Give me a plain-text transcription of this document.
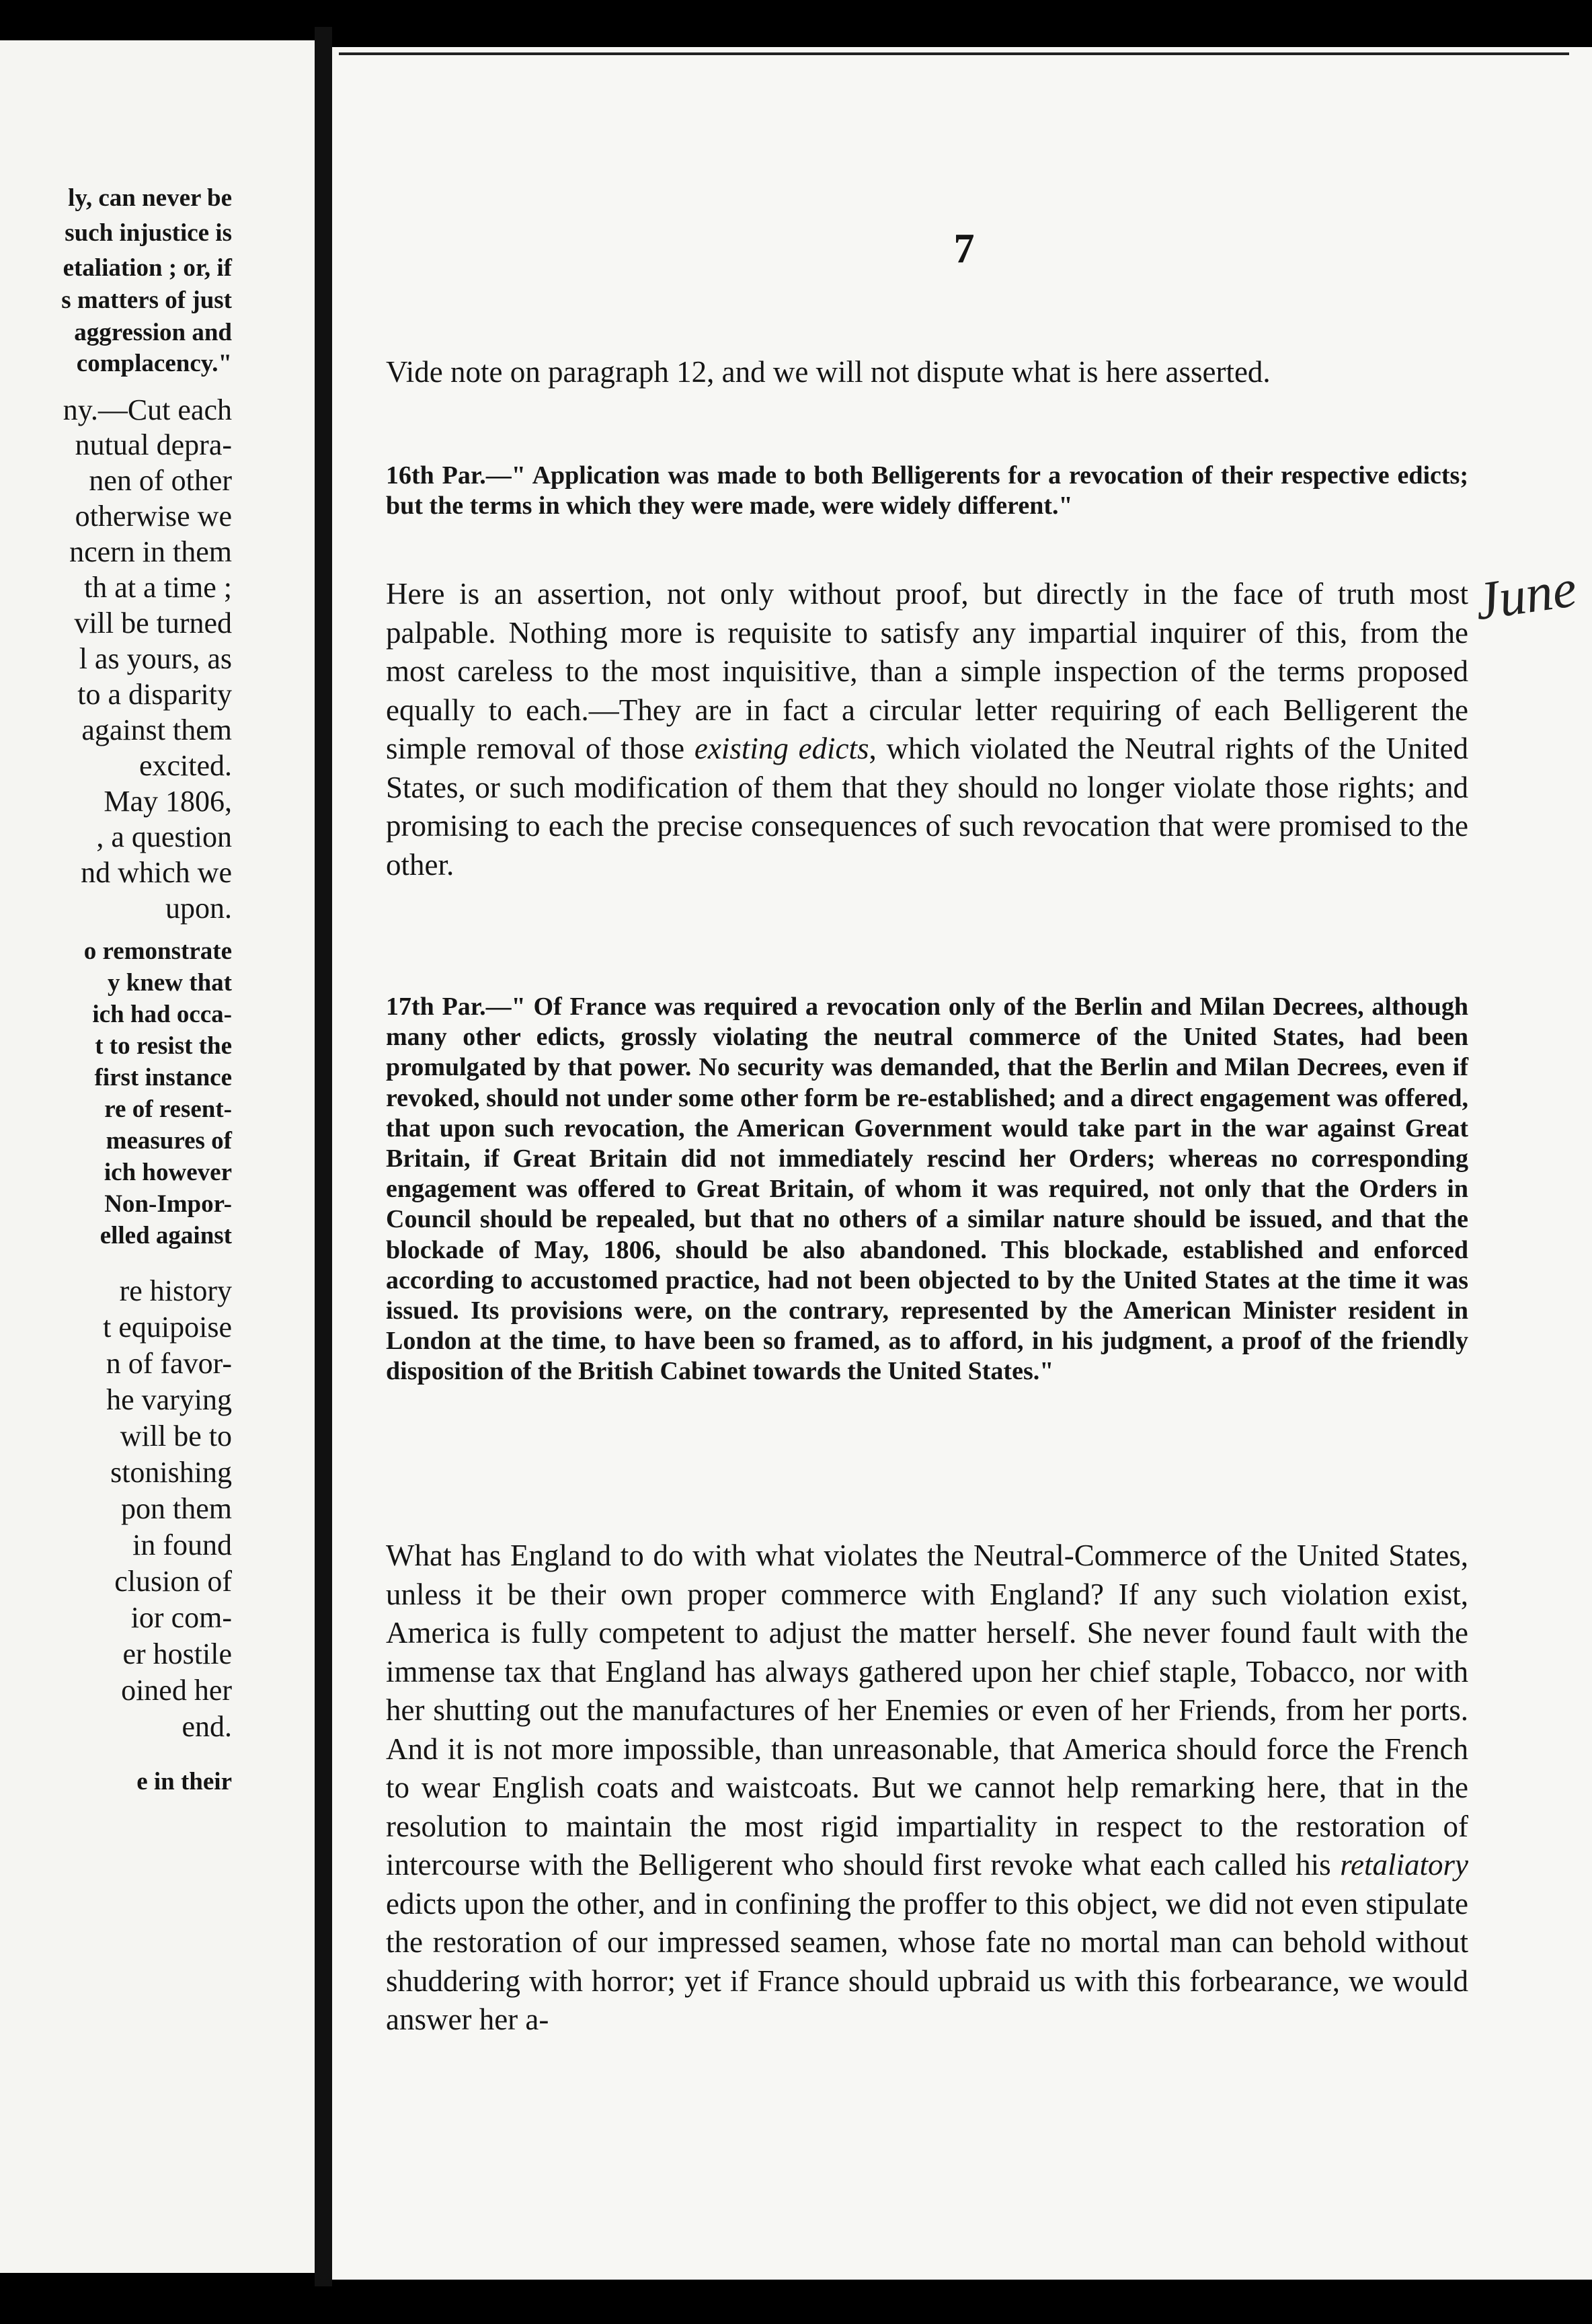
ly, can never be
such injustice is
etaliation ; or, if
s matters of just
aggression and
complacency."
ny.—Cut each
nutual depra-
nen of other
otherwise we
ncern in them
th at a time ;
vill be turned
l as yours, as
to a disparity
against them
excited.
May 1806,
, a question
nd which we
upon.
o remonstrate
y knew that
ich had occa-
t to resist the
first instance
re of resent-
measures of
ich however
Non-Impor-
elled against
re history
t equipoise
n of favor-
he varying
will be to
stonishing
pon them
in found
clusion of
ior com-
er hostile
oined her
end.
e in their
7
Vide note on paragraph 12, and we will not dispute what is here asserted.
16th Par.—" Application was made to both Belligerents for a revocation of their respective edicts; but the terms in which they were made, were widely different."
Here is an assertion, not only without proof, but directly in the face of truth most palpable. Nothing more is requisite to satisfy any impartial inquirer of this, from the most careless to the most inquisitive, than a simple inspection of the terms proposed equally to each.—They are in fact a circular letter requiring of each Belligerent the simple removal of those existing edicts, which violated the Neutral rights of the United States, or such modification of them that they should no longer violate those rights; and promising to each the precise consequences of such revocation that were promised to the other.
17th Par.—" Of France was required a revocation only of the Berlin and Milan Decrees, although many other edicts, grossly violating the neutral commerce of the United States, had been promulgated by that power. No security was demanded, that the Berlin and Milan Decrees, even if revoked, should not under some other form be re-established; and a direct engagement was offered, that upon such revocation, the American Government would take part in the war against Great Britain, if Great Britain did not immediately rescind her Orders; whereas no corresponding engagement was offered to Great Britain, of whom it was required, not only that the Orders in Council should be repealed, but that no others of a similar nature should be issued, and that the blockade of May, 1806, should be also abandoned. This blockade, established and enforced according to accustomed practice, had not been objected to by the United States at the time it was issued. Its provisions were, on the contrary, represented by the American Minister resident in London at the time, to have been so framed, as to afford, in his judgment, a proof of the friendly disposition of the British Cabinet towards the United States."
What has England to do with what violates the Neutral-Commerce of the United States, unless it be their own proper commerce with England? If any such violation exist, America is fully competent to adjust the matter herself. She never found fault with the immense tax that England has always gathered upon her chief staple, Tobacco, nor with her shutting out the manufactures of her Enemies or even of her Friends, from her ports. And it is not more impossible, than unreasonable, that America should force the French to wear English coats and waistcoats. But we cannot help remarking here, that in the resolution to maintain the most rigid impartiality in respect to the restoration of intercourse with the Belligerent who should first revoke what each called his retaliatory edicts upon the other, and in confining the proffer to this object, we did not even stipulate the restoration of our impressed seamen, whose fate no mortal man can behold without shuddering with horror; yet if France should upbraid us with this forbearance, we would answer her a-
June
